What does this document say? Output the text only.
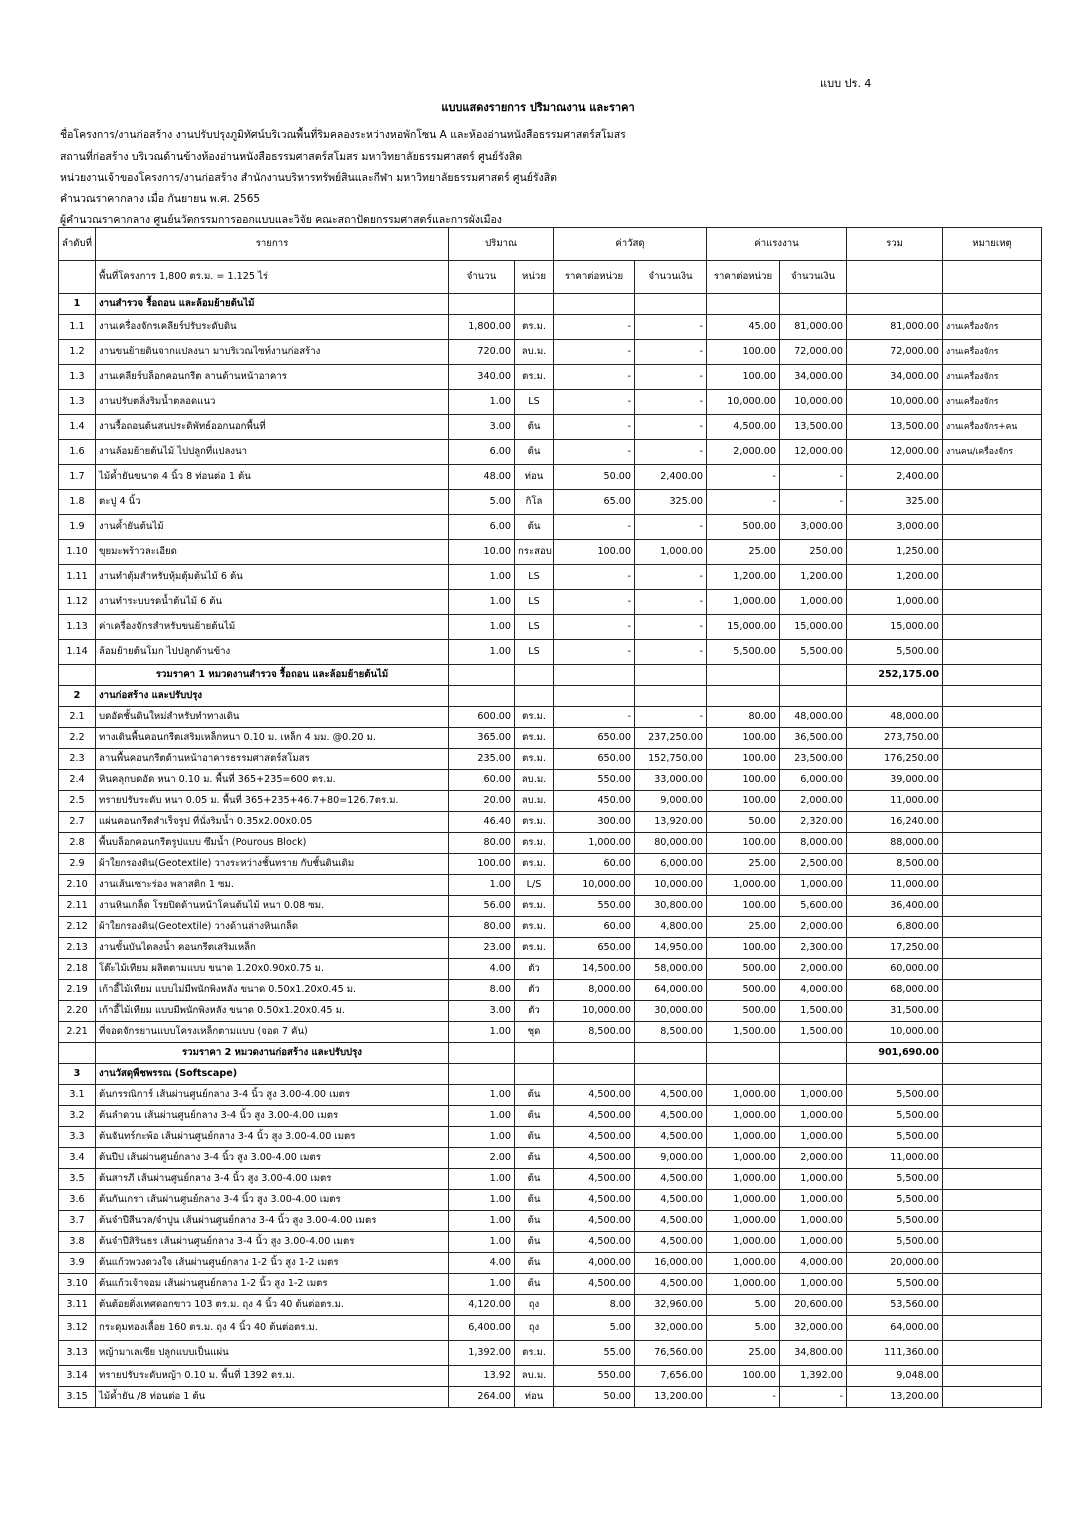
แบบ ปร. 4
แบบแสดงรายการ ปริมาณงาน และราคา
ชื่อโครงการ/งานก่อสร้าง งานปรับปรุงภูมิทัศน์บริเวณพื้นที่ริมคลองระหว่างหอพักโซน A และห้องอ่านหนังสือธรรมศาสตร์สโมสร
สถานที่ก่อสร้าง บริเวณด้านข้างห้องอ่านหนังสือธรรมศาสตร์สโมสร มหาวิทยาลัยธรรมศาสตร์ ศูนย์รังสิต
หน่วยงานเจ้าของโครงการ/งานก่อสร้าง สำนักงานบริหารทรัพย์สินและกีฬา มหาวิทยาลัยธรรมศาสตร์ ศูนย์รังสิต
คำนวณราคากลาง เมื่อ กันยายน พ.ศ. 2565
ผู้คำนวณราคากลาง ศูนย์นวัตกรรมการออกแบบและวิจัย คณะสถาปัตยกรรมศาสตร์และการผังเมือง
ลำดับที่	รายการ	ปริมาณ		ค่าวัสดุ		ค่าแรงงาน		รวม	หมายเหตุ
	พื้นที่โครงการ 1,800 ตร.ม. = 1.125 ไร่	จำนวน	หน่วย	ราคาต่อหน่วย	จำนวนเงิน	ราคาต่อหน่วย	จำนวนเงิน		
1	งานสำรวจ รื้อถอน และล้อมย้ายต้นไม้								
1.1	งานเครื่องจักรเคลียร์ปรับระดับดิน	1,800.00	ตร.ม.	-	-	45.00	81,000.00	81,000.00	งานเครื่องจักร
1.2	งานขนย้ายดินจากแปลงนา มาบริเวณไซท์งานก่อสร้าง	720.00	ลบ.ม.	-	-	100.00	72,000.00	72,000.00	งานเครื่องจักร
1.3	งานเคลียร์บล็อกคอนกรีต ลานด้านหน้าอาคาร	340.00	ตร.ม.	-	-	100.00	34,000.00	34,000.00	งานเครื่องจักร
1.3	งานปรับตลิ่งริมน้ำตลอดแนว	1.00	LS	-	-	10,000.00	10,000.00	10,000.00	งานเครื่องจักร
1.4	งานรื้อถอนต้นสนประดิพัทธ์ออกนอกพื้นที่	3.00	ต้น	-	-	4,500.00	13,500.00	13,500.00	งานเครื่องจักร+คน
1.6	งานล้อมย้ายต้นไม้ ไปปลูกที่แปลงนา	6.00	ต้น	-	-	2,000.00	12,000.00	12,000.00	งานคน/เครื่องจักร
1.7	ไม้ค้ำยันขนาด 4 นิ้ว 8 ท่อนต่อ 1 ต้น	48.00	ท่อน	50.00	2,400.00	-	-	2,400.00	
1.8	ตะปู 4 นิ้ว	5.00	กิโล	65.00	325.00	-	-	325.00	
1.9	งานค้ำยันต้นไม้	6.00	ต้น	-	-	500.00	3,000.00	3,000.00	
1.10	ขุยมะพร้าวละเอียด	10.00	กระสอบ	100.00	1,000.00	25.00	250.00	1,250.00	
1.11	งานทำตุ้มสำหรับหุ้มตุ้มต้นไม้ 6 ต้น	1.00	LS	-	-	1,200.00	1,200.00	1,200.00	
1.12	งานทำระบบรดน้ำต้นไม้ 6 ต้น	1.00	LS	-	-	1,000.00	1,000.00	1,000.00	
1.13	ค่าเครื่องจักรสำหรับขนย้ายต้นไม้	1.00	LS	-	-	15,000.00	15,000.00	15,000.00	
1.14	ล้อมย้ายต้นโมก ไปปลูกด้านข้าง	1.00	LS	-	-	5,500.00	5,500.00	5,500.00	
	รวมราคา 1 หมวดงานสำรวจ รื้อถอน และล้อมย้ายต้นไม้							252,175.00	
2	งานก่อสร้าง และปรับปรุง								
2.1	บดอัดชั้นดินใหม่สำหรับทำทางเดิน	600.00	ตร.ม.	-	-	80.00	48,000.00	48,000.00	
2.2	ทางเดินพื้นคอนกรีตเสริมเหล็กหนา 0.10 ม. เหล็ก 4 มม. @0.20 ม.	365.00	ตร.ม.	650.00	237,250.00	100.00	36,500.00	273,750.00	
2.3	ลานพื้นคอนกรีตด้านหน้าอาคารธรรมศาสตร์สโมสร	235.00	ตร.ม.	650.00	152,750.00	100.00	23,500.00	176,250.00	
2.4	หินคลุกบดอัด หนา 0.10 ม. พื้นที่ 365+235=600 ตร.ม.	60.00	ลบ.ม.	550.00	33,000.00	100.00	6,000.00	39,000.00	
2.5	ทรายปรับระดับ หนา 0.05 ม. พื้นที่ 365+235+46.7+80=126.7ตร.ม.	20.00	ลบ.ม.	450.00	9,000.00	100.00	2,000.00	11,000.00	
2.7	แผ่นคอนกรีตสำเร็จรูป ที่นั่งริมน้ำ 0.35x2.00x0.05	46.40	ตร.ม.	300.00	13,920.00	50.00	2,320.00	16,240.00	
2.8	พื้นบล็อกคอนกรีตรูปแบบ ซึมน้ำ (Pourous Block)	80.00	ตร.ม.	1,000.00	80,000.00	100.00	8,000.00	88,000.00	
2.9	ผ้าใยกรองดิน(Geotextile) วางระหว่างชั้นทราย กับชั้นดินเดิม	100.00	ตร.ม.	60.00	6,000.00	25.00	2,500.00	8,500.00	
2.10	งานเส้นเซาะร่อง พลาสติก 1 ซม.	1.00	L/S	10,000.00	10,000.00	1,000.00	1,000.00	11,000.00	
2.11	งานหินเกล็ด โรยปิดด้านหน้าโคนต้นไม้ หนา 0.08 ซม.	56.00	ตร.ม.	550.00	30,800.00	100.00	5,600.00	36,400.00	
2.12	ผ้าใยกรองดิน(Geotextile) วางด้านล่างหินเกล็ด	80.00	ตร.ม.	60.00	4,800.00	25.00	2,000.00	6,800.00	
2.13	งานขั้นบันไดลงน้ำ คอนกรีตเสริมเหล็ก	23.00	ตร.ม.	650.00	14,950.00	100.00	2,300.00	17,250.00	
2.18	โต๊ะไม้เทียม ผลิตตามแบบ ขนาด 1.20x0.90x0.75 ม.	4.00	ตัว	14,500.00	58,000.00	500.00	2,000.00	60,000.00	
2.19	เก้าอี้ไม้เทียม แบบไม่มีพนักพิงหลัง ขนาด 0.50x1.20x0.45 ม.	8.00	ตัว	8,000.00	64,000.00	500.00	4,000.00	68,000.00	
2.20	เก้าอี้ไม้เทียม แบบมีพนักพิงหลัง ขนาด 0.50x1.20x0.45 ม.	3.00	ตัว	10,000.00	30,000.00	500.00	1,500.00	31,500.00	
2.21	ที่จอดจักรยานแบบโครงเหล็กตามแบบ (จอด 7 คัน)	1.00	ชุด	8,500.00	8,500.00	1,500.00	1,500.00	10,000.00	
	รวมราคา 2 หมวดงานก่อสร้าง และปรับปรุง							901,690.00	
3	งานวัสดุพืชพรรณ (Softscape)								
3.1	ต้นกรรณิการ์ เส้นผ่านศูนย์กลาง 3-4 นิ้ว สูง 3.00-4.00 เมตร	1.00	ต้น	4,500.00	4,500.00	1,000.00	1,000.00	5,500.00	
3.2	ต้นลำดวน เส้นผ่านศูนย์กลาง 3-4 นิ้ว สูง 3.00-4.00 เมตร	1.00	ต้น	4,500.00	4,500.00	1,000.00	1,000.00	5,500.00	
3.3	ต้นจันทร์กะพ้อ เส้นผ่านศูนย์กลาง 3-4 นิ้ว สูง 3.00-4.00 เมตร	1.00	ต้น	4,500.00	4,500.00	1,000.00	1,000.00	5,500.00	
3.4	ต้นปีป เส้นผ่านศูนย์กลาง 3-4 นิ้ว สูง 3.00-4.00 เมตร	2.00	ต้น	4,500.00	9,000.00	1,000.00	2,000.00	11,000.00	
3.5	ต้นสารภี เส้นผ่านศูนย์กลาง 3-4 นิ้ว สูง 3.00-4.00 เมตร	1.00	ต้น	4,500.00	4,500.00	1,000.00	1,000.00	5,500.00	
3.6	ต้นกันเกรา เส้นผ่านศูนย์กลาง 3-4 นิ้ว สูง 3.00-4.00 เมตร	1.00	ต้น	4,500.00	4,500.00	1,000.00	1,000.00	5,500.00	
3.7	ต้นจำปีสีนวล/จำปูน เส้นผ่านศูนย์กลาง 3-4 นิ้ว สูง 3.00-4.00 เมตร	1.00	ต้น	4,500.00	4,500.00	1,000.00	1,000.00	5,500.00	
3.8	ต้นจำปีสิรินธร เส้นผ่านศูนย์กลาง 3-4 นิ้ว สูง 3.00-4.00 เมตร	1.00	ต้น	4,500.00	4,500.00	1,000.00	1,000.00	5,500.00	
3.9	ต้นแก้วพวงดวงใจ เส้นผ่านศูนย์กลาง 1-2 นิ้ว สูง 1-2 เมตร	4.00	ต้น	4,000.00	16,000.00	1,000.00	4,000.00	20,000.00	
3.10	ต้นแก้วเจ้าจอม เส้นผ่านศูนย์กลาง 1-2 นิ้ว สูง 1-2 เมตร	1.00	ต้น	4,500.00	4,500.00	1,000.00	1,000.00	5,500.00	
3.11	ต้นต้อยติ่งเทศดอกขาว 103 ตร.ม. ถุง 4 นิ้ว 40 ต้นต่อตร.ม.	4,120.00	ถุง	8.00	32,960.00	5.00	20,600.00	53,560.00	
3.12	กระดุมทองเลื้อย 160 ตร.ม. ถุง 4 นิ้ว 40 ต้นต่อตร.ม.	6,400.00	ถุง	5.00	32,000.00	5.00	32,000.00	64,000.00	
3.13	หญ้ามาเลเซีย ปลูกแบบเป็นแผ่น	1,392.00	ตร.ม.	55.00	76,560.00	25.00	34,800.00	111,360.00	
3.14	ทรายปรับระดับหญ้า 0.10 ม. พื้นที่ 1392 ตร.ม.	13.92	ลบ.ม.	550.00	7,656.00	100.00	1,392.00	9,048.00	
3.15	ไม้ค้ำยัน /8 ท่อนต่อ 1 ต้น	264.00	ท่อน	50.00	13,200.00	-	-	13,200.00	
